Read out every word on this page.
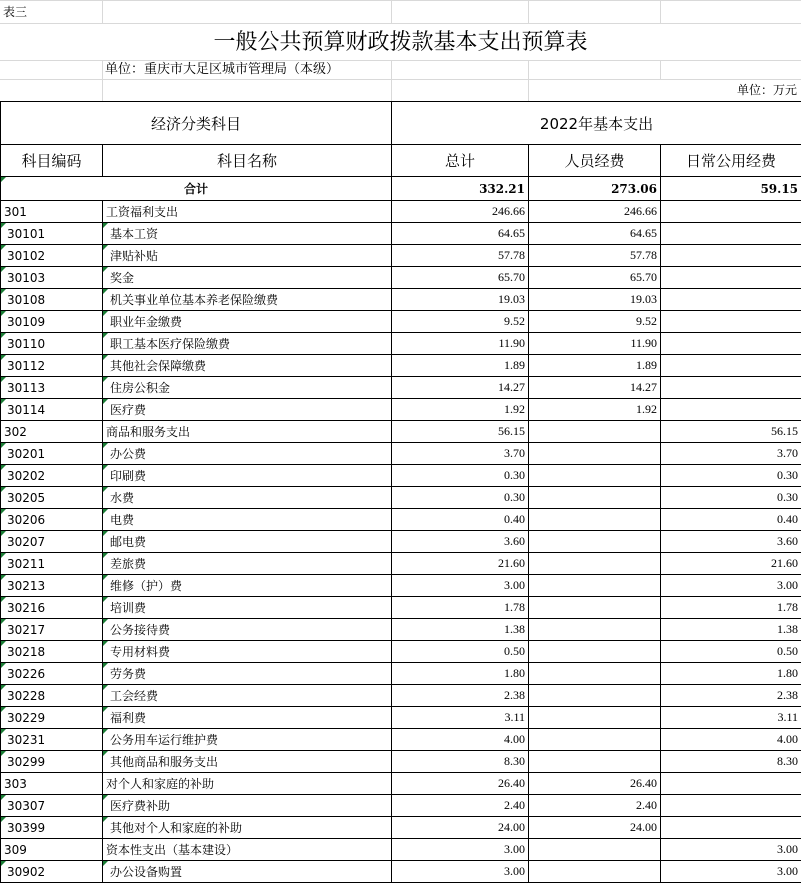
表三
一般公共预算财政拨款基本支出预算表
单位：重庆市大足区城市管理局（本级）
单位：万元
经济分类科目		2022年基本支出		
科目编码	科目名称	总计	人员经费	日常公用经费

合计		332.21	273.06	59.15
301	工资福利支出	246.66	246.66	

30101	基本工资	64.65	64.65	

30102	津贴补贴	57.78	57.78	

30103	奖金	65.70	65.70	

30108	机关事业单位基本养老保险缴费	19.03	19.03	

30109	职业年金缴费	9.52	9.52	

30110	职工基本医疗保险缴费	11.90	11.90	

30112	其他社会保障缴费	1.89	1.89	

30113	住房公积金	14.27	14.27	

30114	医疗费	1.92	1.92	
302	商品和服务支出	56.15		56.15

30201	办公费	3.70		3.70

30202	印刷费	0.30		0.30

30205	水费	0.30		0.30

30206	电费	0.40		0.40

30207	邮电费	3.60		3.60

30211	差旅费	21.60		21.60

30213	维修（护）费	3.00		3.00

30216	培训费	1.78		1.78

30217	公务接待费	1.38		1.38

30218	专用材料费	0.50		0.50

30226	劳务费	1.80		1.80

30228	工会经费	2.38		2.38

30229	福利费	3.11		3.11

30231	公务用车运行维护费	4.00		4.00

30299	其他商品和服务支出	8.30		8.30
303	对个人和家庭的补助	26.40	26.40	

30307	医疗费补助	2.40	2.40	

30399	其他对个人和家庭的补助	24.00	24.00	
309	资本性支出（基本建设）	3.00		3.00

30902	办公设备购置	3.00		3.00
